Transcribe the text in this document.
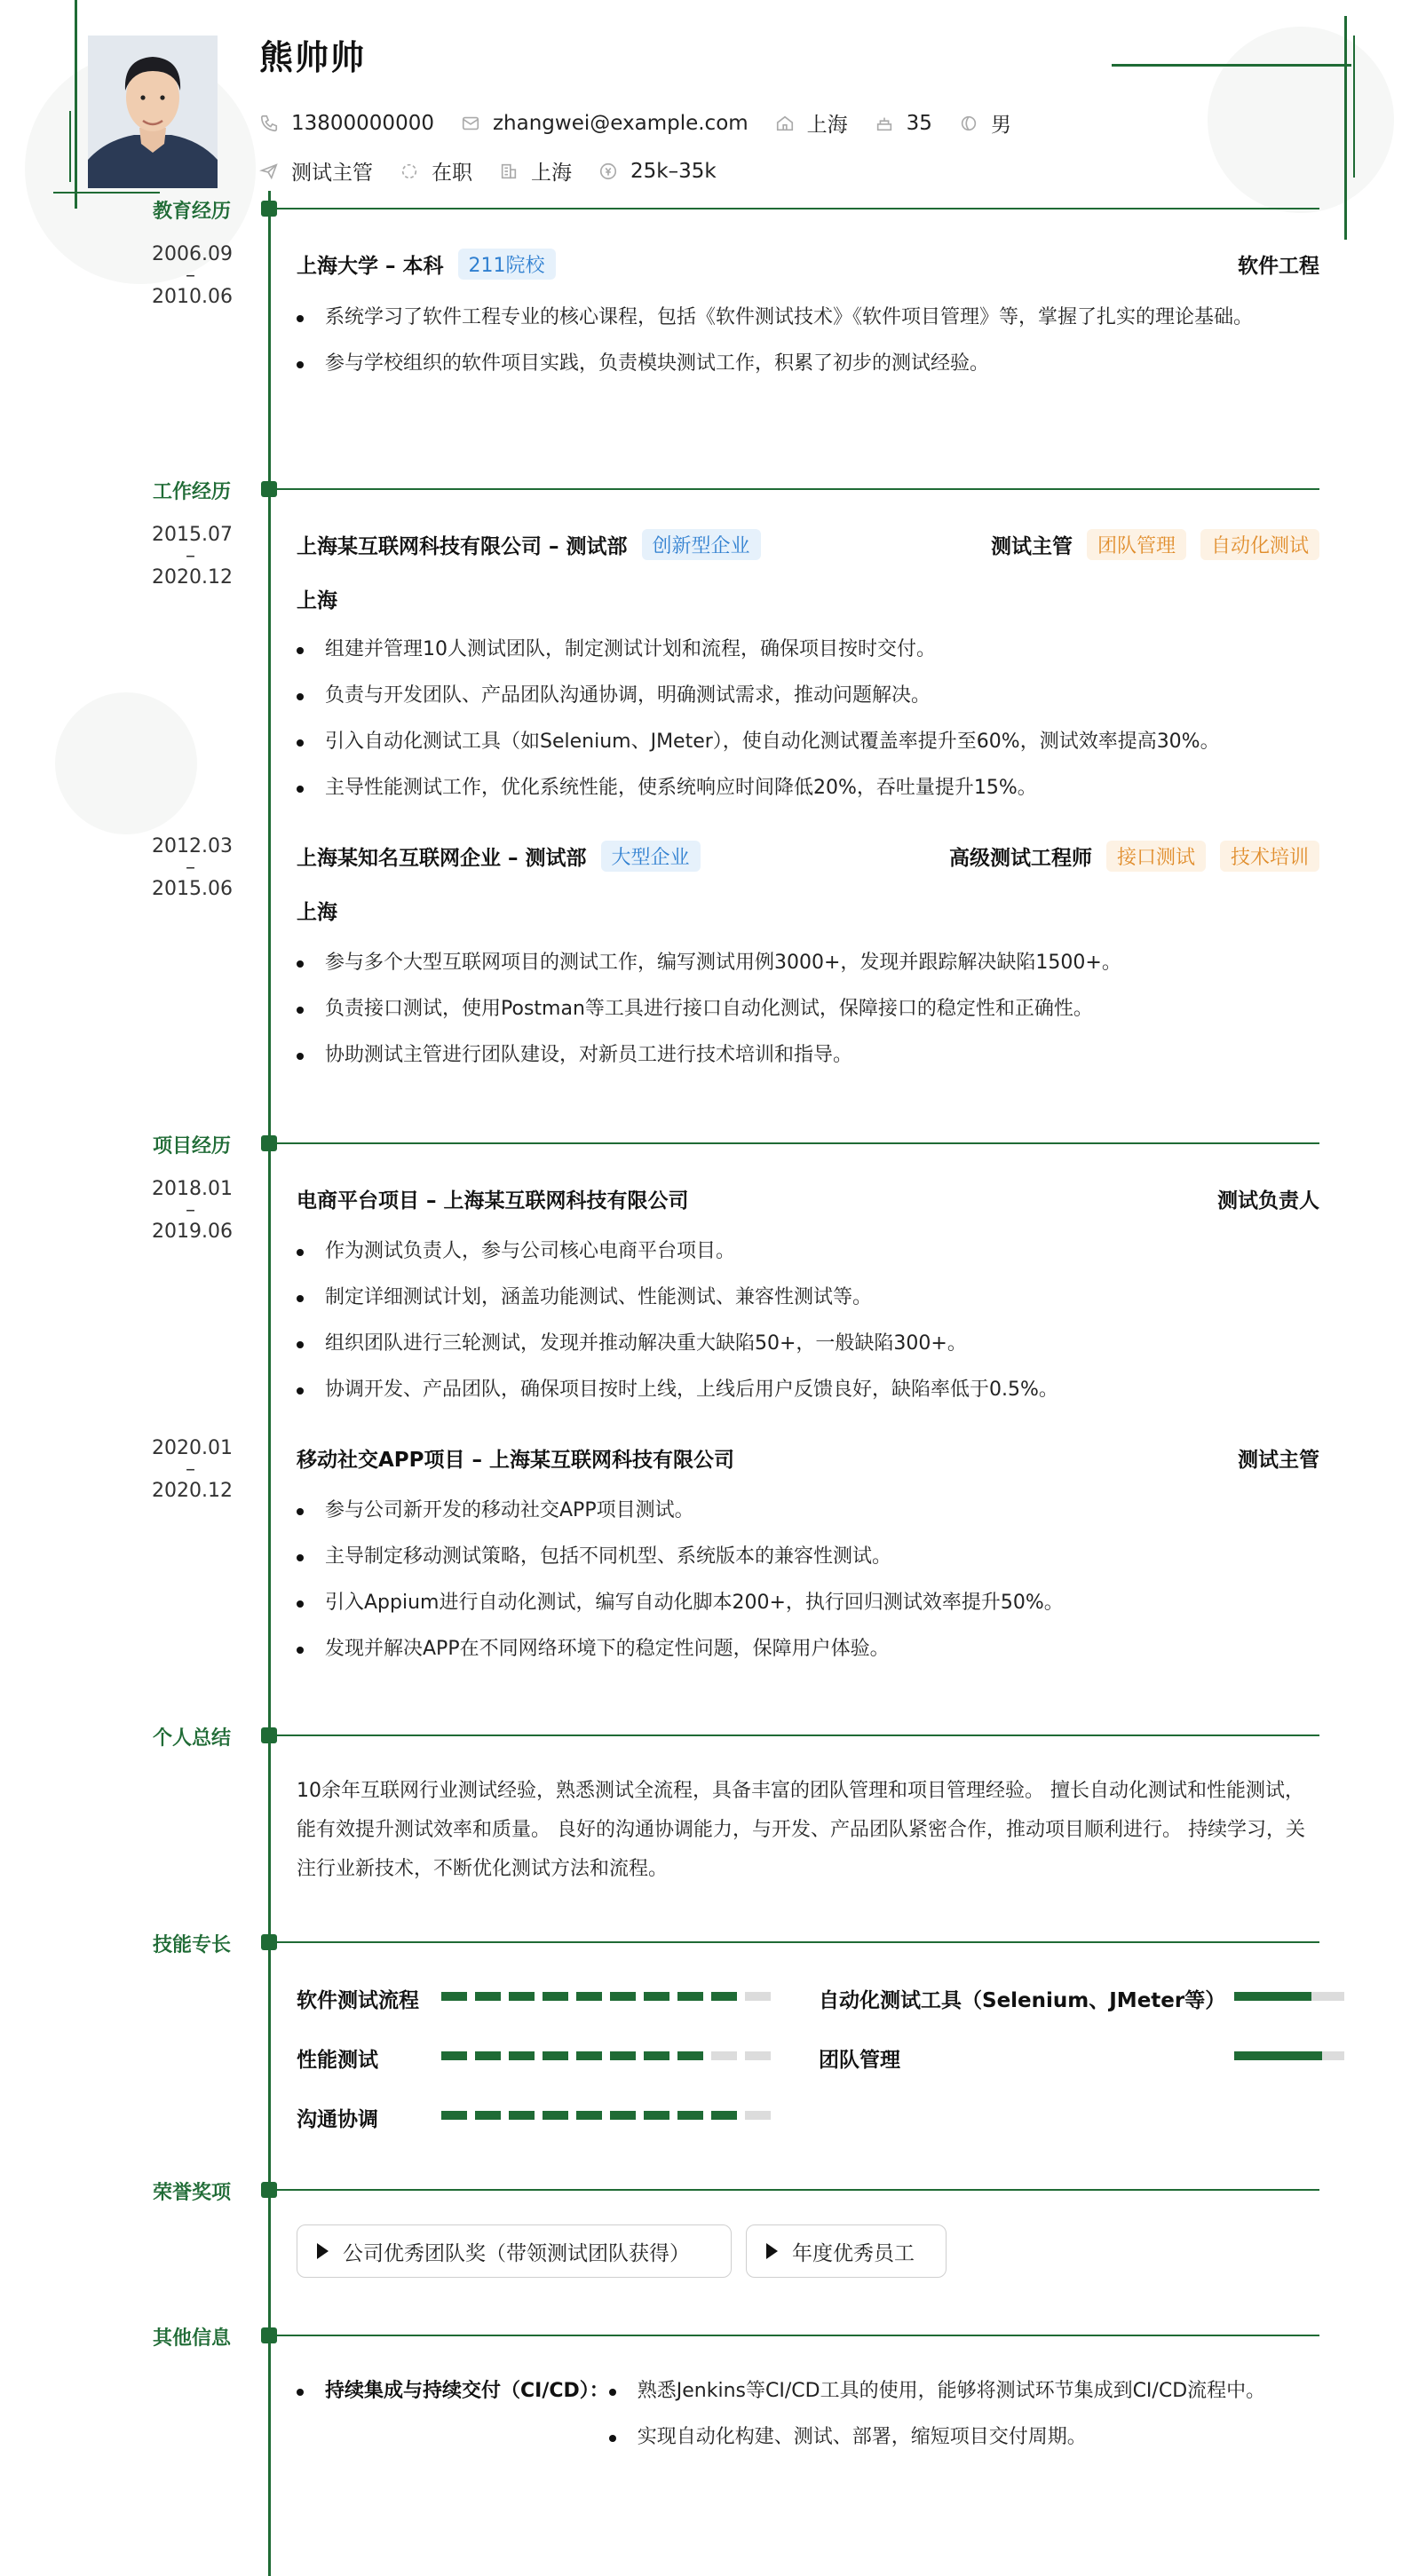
熊帅帅
13800000000	zhangwei@example.com	上海	35	男
测试主管	在职	上海	25k–35k
教育经历
2006.09
–
2010.06
上海大学 – 本科	211院校	软件工程
系统学习了软件工程专业的核心课程，包括《软件测试技术》《软件项目管理》等，掌握了扎实的理论基础。
参与学校组织的软件项目实践，负责模块测试工作，积累了初步的测试经验。
工作经历
2015.07
–
2020.12
上海某互联网科技有限公司 – 测试部	创新型企业	测试主管	团队管理	自动化测试
上海
组建并管理10人测试团队，制定测试计划和流程，确保项目按时交付。
负责与开发团队、产品团队沟通协调，明确测试需求，推动问题解决。
引入自动化测试工具（如Selenium、JMeter），使自动化测试覆盖率提升至60%，测试效率提高30%。
主导性能测试工作，优化系统性能，使系统响应时间降低20%，吞吐量提升15%。
2012.03
–
2015.06
上海某知名互联网企业 – 测试部	大型企业	高级测试工程师	接口测试	技术培训
上海
参与多个大型互联网项目的测试工作，编写测试用例3000+，发现并跟踪解决缺陷1500+。
负责接口测试，使用Postman等工具进行接口自动化测试，保障接口的稳定性和正确性。
协助测试主管进行团队建设，对新员工进行技术培训和指导。
项目经历
2018.01
–
2019.06
电商平台项目 – 上海某互联网科技有限公司	测试负责人
作为测试负责人，参与公司核心电商平台项目。
制定详细测试计划，涵盖功能测试、性能测试、兼容性测试等。
组织团队进行三轮测试，发现并推动解决重大缺陷50+，一般缺陷300+。
协调开发、产品团队，确保项目按时上线，上线后用户反馈良好，缺陷率低于0.5%。
2020.01
–
2020.12
移动社交APP项目 – 上海某互联网科技有限公司	测试主管
参与公司新开发的移动社交APP项目测试。
主导制定移动测试策略，包括不同机型、系统版本的兼容性测试。
引入Appium进行自动化测试，编写自动化脚本200+，执行回归测试效率提升50%。
发现并解决APP在不同网络环境下的稳定性问题，保障用户体验。
个人总结
10余年互联网行业测试经验，熟悉测试全流程，具备丰富的团队管理和项目管理经验。 擅长自动化测试和性能测试，能有效提升测试效率和质量。 良好的沟通协调能力，与开发、产品团队紧密合作，推动项目顺利进行。 持续学习，关注行业新技术，不断优化测试方法和流程。
技能专长
软件测试流程	自动化测试工具（Selenium、JMeter等）
性能测试	团队管理
沟通协调
荣誉奖项
公司优秀团队奖（带领测试团队获得）	年度优秀员工
其他信息
持续集成与持续交付（CI/CD）：	熟悉Jenkins等CI/CD工具的使用，能够将测试环节集成到CI/CD流程中。
实现自动化构建、测试、部署，缩短项目交付周期。
